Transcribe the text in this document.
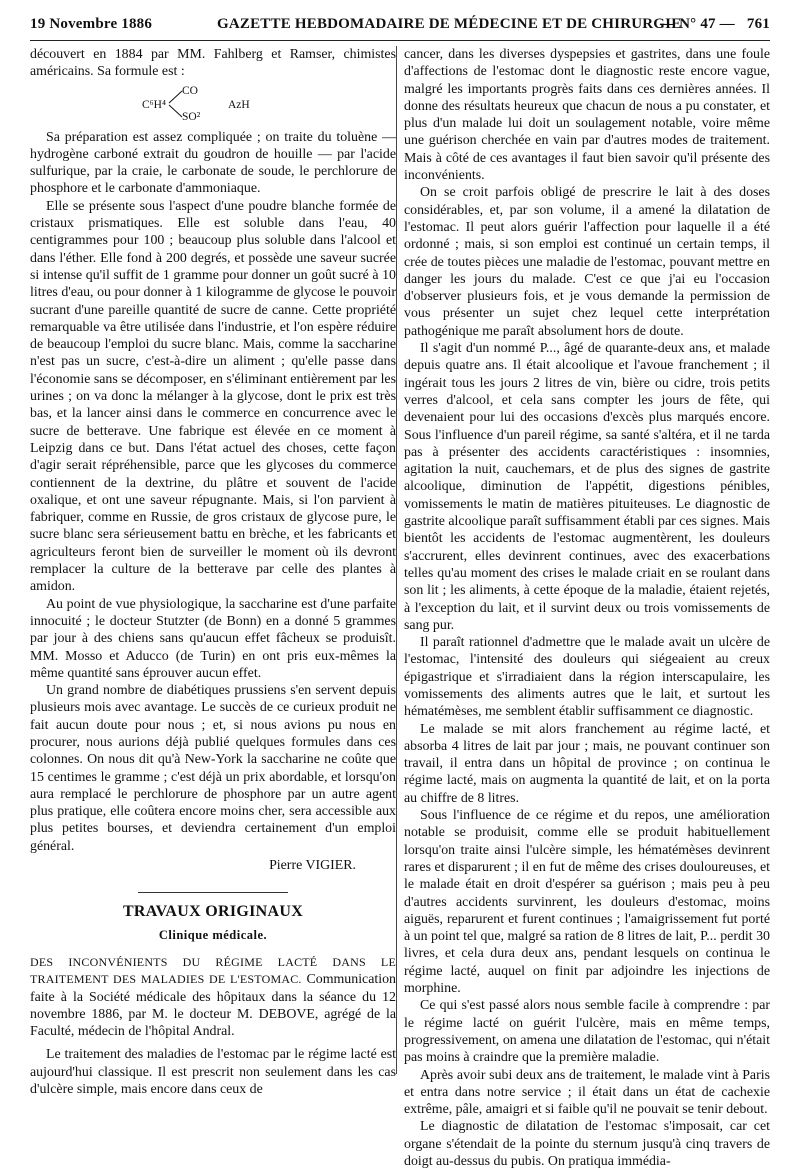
19 Novembre 1886	GAZETTE HEBDOMADAIRE DE MÉDECINE ET DE CHIRURGIE
— N° 47 — 761

découvert en 1884 par MM. Fahlberg et Ramser, chimistes américains. Sa formule est :

C⁶H⁴
CO
SO²
AzH

Sa préparation est assez compliquée ; on traite du toluène — hydrogène carboné extrait du goudron de houille — par l'acide sulfurique, par la craie, le carbonate de soude, le perchlorure de phosphore et le carbonate d'ammoniaque.

Elle se présente sous l'aspect d'une poudre blanche formée de cristaux prismatiques. Elle est soluble dans l'eau, 40 centigrammes pour 100 ; beaucoup plus soluble dans l'alcool et dans l'éther. Elle fond à 200 degrés, et possède une saveur sucrée si intense qu'il suffit de 1 gramme pour donner un goût sucré à 10 litres d'eau, ou pour donner à 1 kilogramme de glycose le pouvoir sucrant d'une pareille quantité de sucre de canne. Cette propriété remarquable va être utilisée dans l'industrie, et l'on espère réduire de beaucoup l'emploi du sucre blanc. Mais, comme la saccharine n'est pas un sucre, c'est-à-dire un aliment ; qu'elle passe dans l'économie sans se décomposer, en s'éliminant entièrement par les urines ; on va donc la mélanger à la glycose, dont le prix est très bas, et la lancer ainsi dans le commerce en concurrence avec le sucre de betterave. Une fabrique est élevée en ce moment à Leipzig dans ce but. Dans l'état actuel des choses, cette façon d'agir serait répréhensible, parce que les glycoses du commerce contiennent de la dextrine, du plâtre et souvent de l'acide oxalique, et ont une saveur répugnante. Mais, si l'on parvient à fabriquer, comme en Russie, de gros cristaux de glycose pure, le sucre blanc sera sérieusement battu en brèche, et les fabricants et agriculteurs feront bien de surveiller le moment où ils devront remplacer la culture de la betterave par celle des plantes à amidon.

Au point de vue physiologique, la saccharine est d'une parfaite innocuité ; le docteur Stutzter (de Bonn) en a donné 5 grammes par jour à des chiens sans qu'aucun effet fâcheux se produisît. MM. Mosso et Aducco (de Turin) en ont pris eux-mêmes la même quantité sans éprouver aucun effet.

Un grand nombre de diabétiques prussiens s'en servent depuis plusieurs mois avec avantage. Le succès de ce curieux produit ne fait aucun doute pour nous ; et, si nous avions pu nous en procurer, nous aurions déjà publié quelques formules dans ces colonnes. On nous dit qu'à New-York la saccharine ne coûte que 15 centimes le gramme ; c'est déjà un prix abordable, et lorsqu'on aura remplacé le perchlorure de phosphore par un autre agent plus pratique, elle coûtera encore moins cher, sera accessible aux plus petites bourses, et deviendra certainement d'un emploi général.

Pierre VIGIER.

TRAVAUX ORIGINAUX
Clinique médicale.

DES INCONVÉNIENTS DU RÉGIME LACTÉ DANS LE TRAITEMENT DES MALADIES DE L'ESTOMAC. Communication faite à la Société médicale des hôpitaux dans la séance du 12 novembre 1886, par M. le docteur M. DEBOVE, agrégé de la Faculté, médecin de l'hôpital Andral.

Le traitement des maladies de l'estomac par le régime lacté est aujourd'hui classique. Il est prescrit non seulement dans les cas d'ulcère simple, mais encore dans ceux de

cancer, dans les diverses dyspepsies et gastrites, dans une foule d'affections de l'estomac dont le diagnostic reste encore vague, malgré les importants progrès faits dans ces dernières années. Il donne des résultats heureux que chacun de nous a pu constater, et plus d'un malade lui doit un soulagement notable, voire même une guérison cherchée en vain par d'autres modes de traitement. Mais à côté de ces avantages il faut bien savoir qu'il présente des inconvénients.

On se croit parfois obligé de prescrire le lait à des doses considérables, et, par son volume, il a amené la dilatation de l'estomac. Il peut alors guérir l'affection pour laquelle il a été ordonné ; mais, si son emploi est continué un certain temps, il crée de toutes pièces une maladie de l'estomac, pouvant mettre en danger les jours du malade. C'est ce que j'ai eu l'occasion d'observer plusieurs fois, et je vous demande la permission de vous présenter un sujet chez lequel cette interprétation pathogénique me paraît absolument hors de doute.

Il s'agit d'un nommé P..., âgé de quarante-deux ans, et malade depuis quatre ans. Il était alcoolique et l'avoue franchement ; il ingérait tous les jours 2 litres de vin, bière ou cidre, trois petits verres d'alcool, et cela sans compter les jours de fête, qui devenaient pour lui des occasions d'excès plus marqués encore. Sous l'influence d'un pareil régime, sa santé s'altéra, et il ne tarda pas à présenter des accidents caractéristiques : insomnies, agitation la nuit, cauchemars, et de plus des signes de gastrite alcoolique, diminution de l'appétit, digestions pénibles, vomissements le matin de matières pituiteuses. Le diagnostic de gastrite alcoolique paraît suffisamment établi par ces signes. Mais bientôt les accidents de l'estomac augmentèrent, les douleurs s'accrurent, elles devinrent continues, avec des exacerbations telles qu'au moment des crises le malade criait en se roulant dans son lit ; les aliments, à cette époque de la maladie, étaient rejetés, à l'exception du lait, et il survint deux ou trois vomissements de sang pur.

Il paraît rationnel d'admettre que le malade avait un ulcère de l'estomac, l'intensité des douleurs qui siégeaient au creux épigastrique et s'irradiaient dans la région interscapulaire, les vomissements des aliments autres que le lait, et surtout les hématémèses, me semblent établir suffisamment ce diagnostic.

Le malade se mit alors franchement au régime lacté, et absorba 4 litres de lait par jour ; mais, ne pouvant continuer son travail, il entra dans un hôpital de province ; on continua le régime lacté, mais on augmenta la quantité de lait, et on la porta au chiffre de 8 litres.

Sous l'influence de ce régime et du repos, une amélioration notable se produisit, comme elle se produit habituellement lorsqu'on traite ainsi l'ulcère simple, les hématémèses devinrent rares et disparurent ; il en fut de même des crises douloureuses, et le malade était en droit d'espérer sa guérison ; mais peu à peu d'autres accidents survinrent, les douleurs d'estomac, moins aiguës, reparurent et furent continues ; l'amaigrissement fut porté à un point tel que, malgré sa ration de 8 litres de lait, P... perdit 30 livres, et cela dura deux ans, pendant lesquels on continua le régime lacté, auquel on finit par adjoindre les injections de morphine.

Ce qui s'est passé alors nous semble facile à comprendre : par le régime lacté on guérit l'ulcère, mais en même temps, progressivement, on amena une dilatation de l'estomac, qui n'était pas moins à craindre que la première maladie.

Après avoir subi deux ans de traitement, le malade vint à Paris et entra dans notre service ; il était dans un état de cachexie extrême, pâle, amaigri et si faible qu'il ne pouvait se tenir debout.

Le diagnostic de dilatation de l'estomac s'imposait, car cet organe s'étendait de la pointe du sternum jusqu'à cinq travers de doigt au-dessus du pubis. On pratiqua immédia-
